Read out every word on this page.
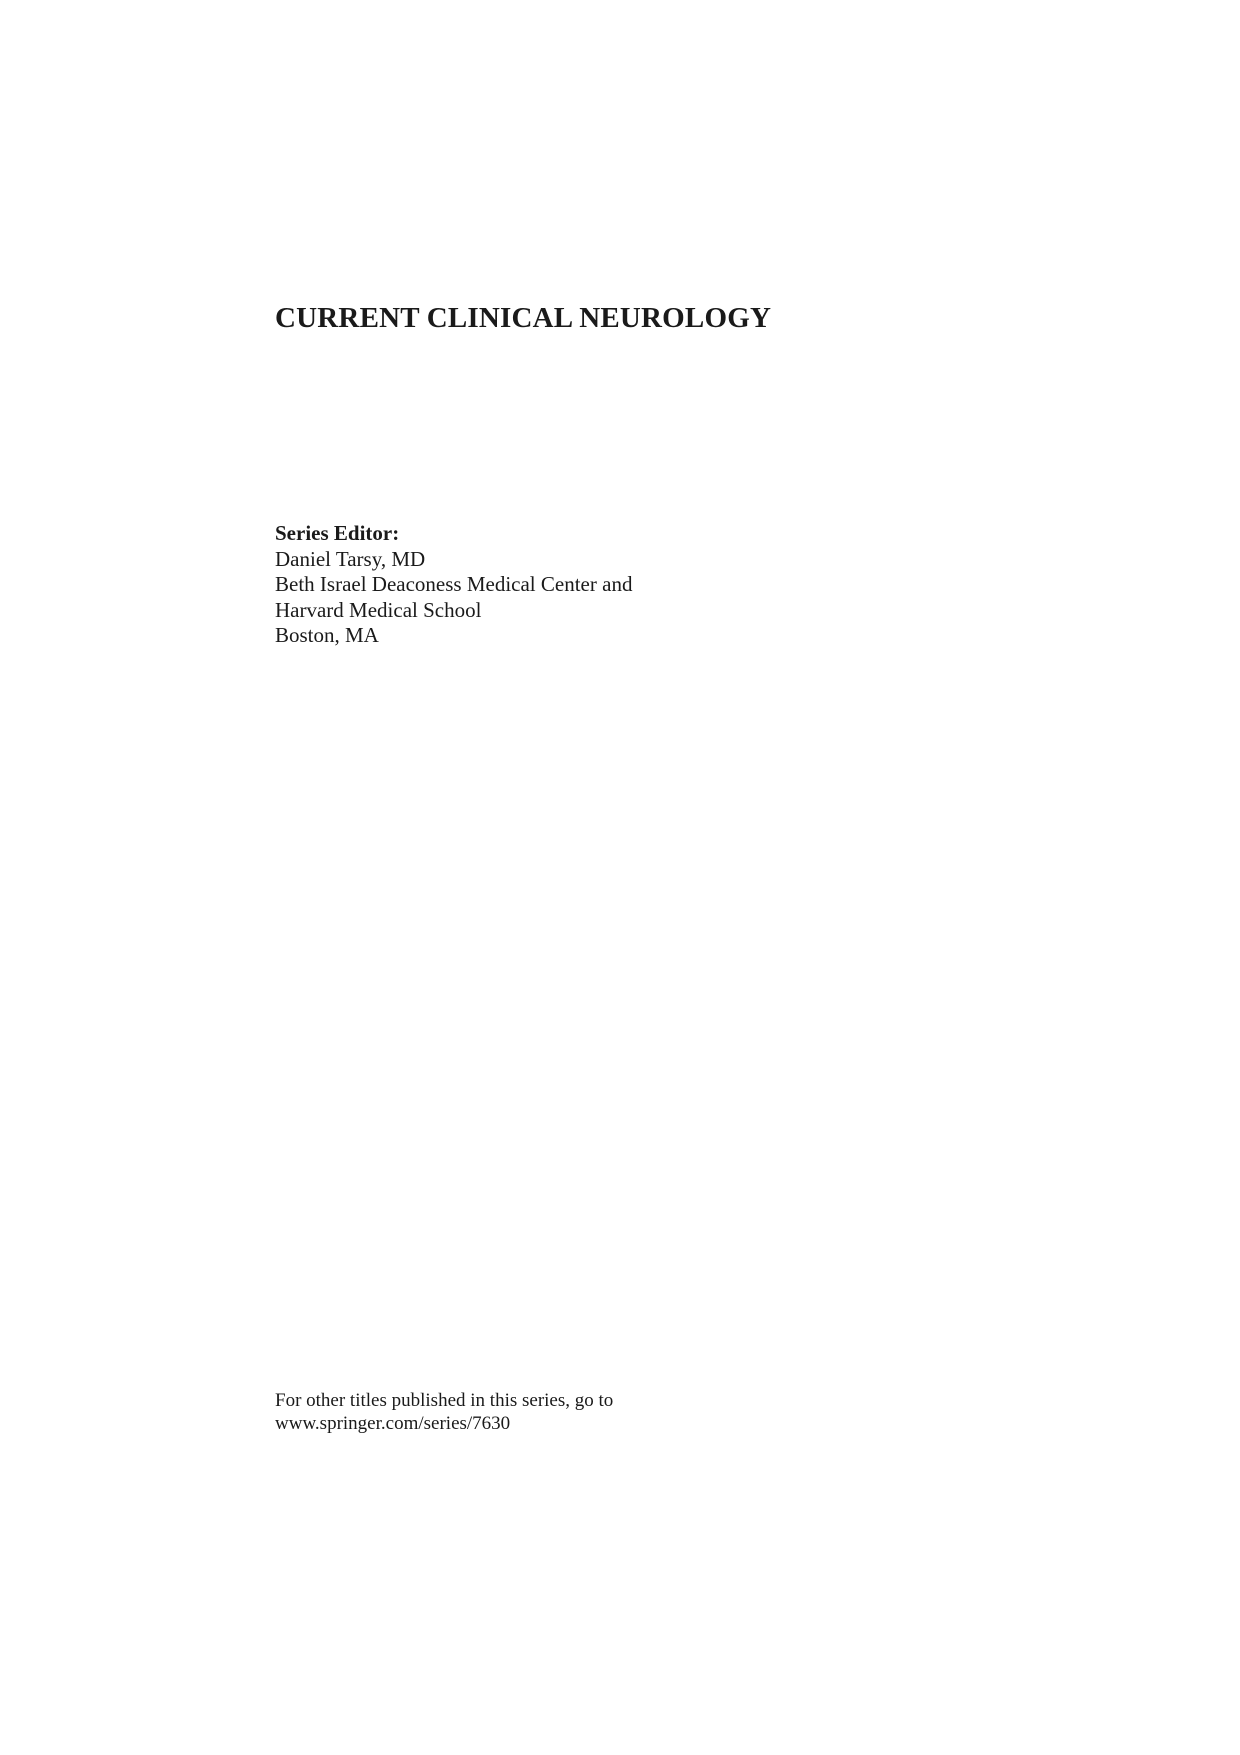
CURRENT CLINICAL NEUROLOGY
Series Editor:
Daniel Tarsy, MD
Beth Israel Deaconess Medical Center and
Harvard Medical School
Boston, MA
For other titles published in this series, go to
www.springer.com/series/7630
